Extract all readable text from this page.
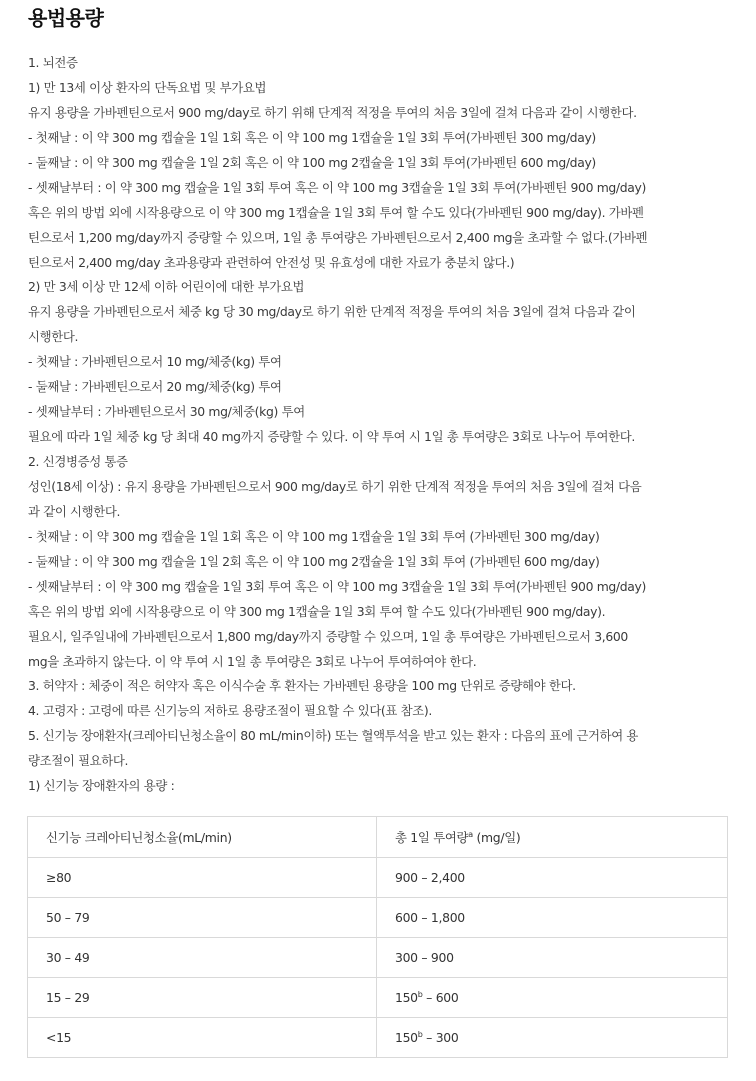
용법용량
1. 뇌전증
1) 만 13세 이상 환자의 단독요법 및 부가요법
유지 용량을 가바펜틴으로서 900 mg/day로 하기 위해 단계적 적정을 투여의 처음 3일에 걸쳐 다음과 같이 시행한다.
- 첫째날 : 이 약 300 mg 캡슐을 1일 1회 혹은 이 약 100 mg 1캡슐을 1일 3회 투여(가바펜틴 300 mg/day)
- 둘째날 : 이 약 300 mg 캡슐을 1일 2회 혹은 이 약 100 mg 2캡슐을 1일 3회 투여(가바펜틴 600 mg/day)
- 셋째날부터 : 이 약 300 mg 캡슐을 1일 3회 투여 혹은 이 약 100 mg 3캡슐을 1일 3회 투여(가바펜틴 900 mg/day)
혹은 위의 방법 외에 시작용량으로 이 약 300 mg 1캡슐을 1일 3회 투여 할 수도 있다(가바펜틴 900 mg/day). 가바펜
틴으로서 1,200 mg/day까지 증량할 수 있으며, 1일 총 투여량은 가바펜틴으로서 2,400 mg을 초과할 수 없다.(가바펜
틴으로서 2,400 mg/day 초과용량과 관련하여 안전성 및 유효성에 대한 자료가 충분치 않다.)
2) 만 3세 이상 만 12세 이하 어린이에 대한 부가요법
유지 용량을 가바펜틴으로서 체중 kg 당 30 mg/day로 하기 위한 단계적 적정을 투여의 처음 3일에 걸쳐 다음과 같이
시행한다.
- 첫째날 : 가바펜틴으로서 10 mg/체중(kg) 투여
- 둘째날 : 가바펜틴으로서 20 mg/체중(kg) 투여
- 셋째날부터 : 가바펜틴으로서 30 mg/체중(kg) 투여
필요에 따라 1일 체중 kg 당 최대 40 mg까지 증량할 수 있다. 이 약 투여 시 1일 총 투여량은 3회로 나누어 투여한다.
2. 신경병증성 통증
성인(18세 이상) : 유지 용량을 가바펜틴으로서 900 mg/day로 하기 위한 단계적 적정을 투여의 처음 3일에 걸쳐 다음
과 같이 시행한다.
- 첫째날 : 이 약 300 mg 캡슐을 1일 1회 혹은 이 약 100 mg 1캡슐을 1일 3회 투여 (가바펜틴 300 mg/day)
- 둘째날 : 이 약 300 mg 캡슐을 1일 2회 혹은 이 약 100 mg 2캡슐을 1일 3회 투여 (가바펜틴 600 mg/day)
- 셋째날부터 : 이 약 300 mg 캡슐을 1일 3회 투여 혹은 이 약 100 mg 3캡슐을 1일 3회 투여(가바펜틴 900 mg/day)
혹은 위의 방법 외에 시작용량으로 이 약 300 mg 1캡슐을 1일 3회 투여 할 수도 있다(가바펜틴 900 mg/day).
필요시, 일주일내에 가바펜틴으로서 1,800 mg/day까지 증량할 수 있으며, 1일 총 투여량은 가바펜틴으로서 3,600
mg을 초과하지 않는다. 이 약 투여 시 1일 총 투여량은 3회로 나누어 투여하여야 한다.
3. 허약자 : 체중이 적은 허약자 혹은 이식수술 후 환자는 가바펜틴 용량을 100 mg 단위로 증량해야 한다.
4. 고령자 : 고령에 따른 신기능의 저하로 용량조절이 필요할 수 있다(표 참조).
5. 신기능 장애환자(크레아티닌청소율이 80 mL/min이하) 또는 혈액투석을 받고 있는 환자 : 다음의 표에 근거하여 용
량조절이 필요하다.
1) 신기능 장애환자의 용량 :
신기능 크레아티닌청소율(mL/min)	총 1일 투여량$^a$ (mg/일)
≥80	900 – 2,400
50 – 79	600 – 1,800
30 – 49	300 – 900
15 – 29	150$^b$ – 600
<15	150$^b$ – 300
